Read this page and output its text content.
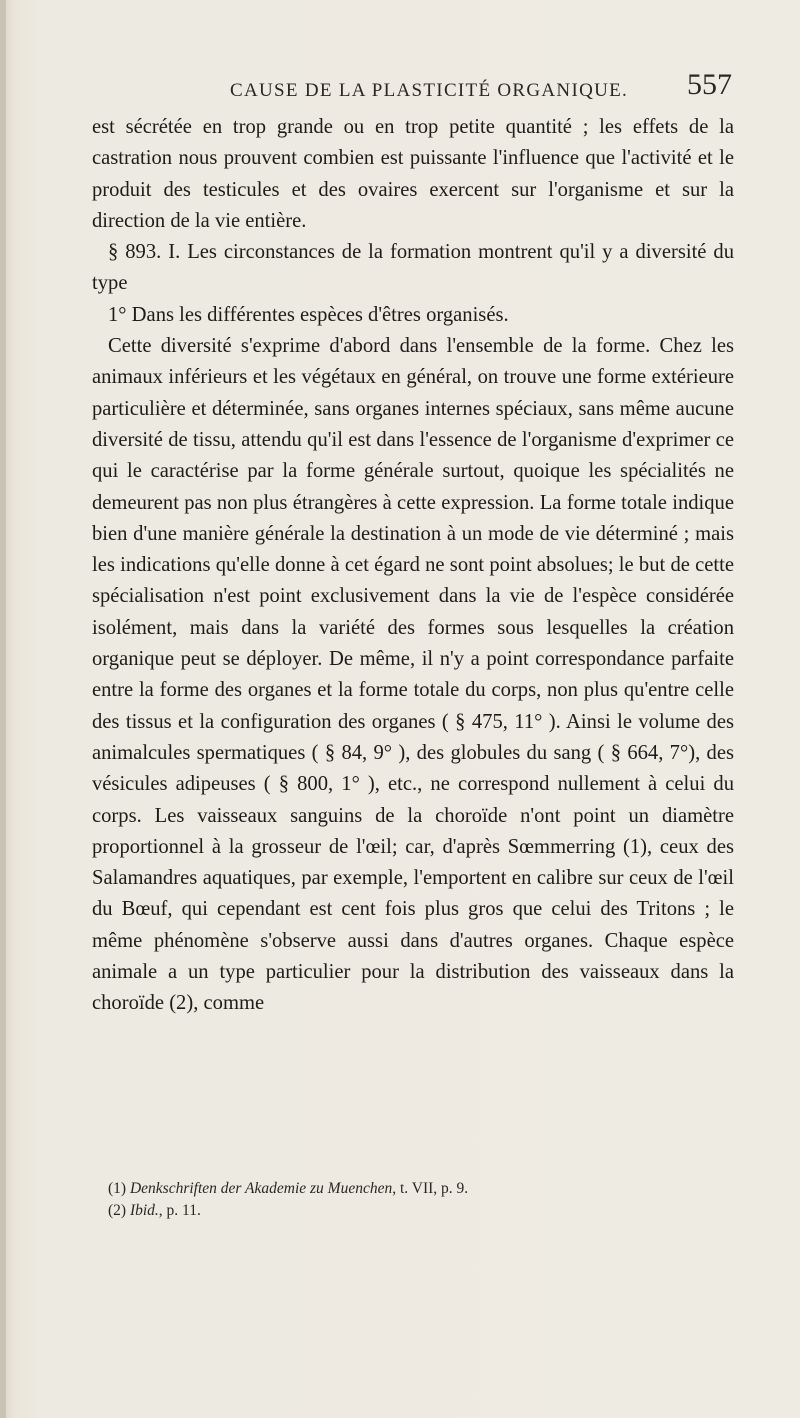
CAUSE DE LA PLASTICITÉ ORGANIQUE. 557

est sécrétée en trop grande ou en trop petite quantité ; les effets de la castration nous prouvent combien est puissante l'influence que l'activité et le produit des testicules et des ovaires exercent sur l'organisme et sur la direction de la vie entière.

§ 893. I. Les circonstances de la formation montrent qu'il y a diversité du type

1° Dans les différentes espèces d'êtres organisés.

Cette diversité s'exprime d'abord dans l'ensemble de la forme. Chez les animaux inférieurs et les végétaux en général, on trouve une forme extérieure particulière et déterminée, sans organes internes spéciaux, sans même aucune diversité de tissu, attendu qu'il est dans l'essence de l'organisme d'exprimer ce qui le caractérise par la forme générale surtout, quoique les spécialités ne demeurent pas non plus étrangères à cette expression. La forme totale indique bien d'une manière générale la destination à un mode de vie déterminé ; mais les indications qu'elle donne à cet égard ne sont point absolues; le but de cette spécialisation n'est point exclusivement dans la vie de l'espèce considérée isolément, mais dans la variété des formes sous lesquelles la création organique peut se déployer. De même, il n'y a point correspondance parfaite entre la forme des organes et la forme totale du corps, non plus qu'entre celle des tissus et la configuration des organes ( § 475, 11° ). Ainsi le volume des animalcules spermatiques ( § 84, 9° ), des globules du sang ( § 664, 7°), des vésicules adipeuses ( § 800, 1° ), etc., ne correspond nullement à celui du corps. Les vaisseaux sanguins de la choroïde n'ont point un diamètre proportionnel à la grosseur de l'œil; car, d'après Sœmmerring (1), ceux des Salamandres aquatiques, par exemple, l'emportent en calibre sur ceux de l'œil du Bœuf, qui cependant est cent fois plus gros que celui des Tritons ; le même phénomène s'observe aussi dans d'autres organes. Chaque espèce animale a un type particulier pour la distribution des vaisseaux dans la choroïde (2), comme

(1) Denkschriften der Akademie zu Muenchen, t. VII, p. 9.
(2) Ibid., p. 11.
